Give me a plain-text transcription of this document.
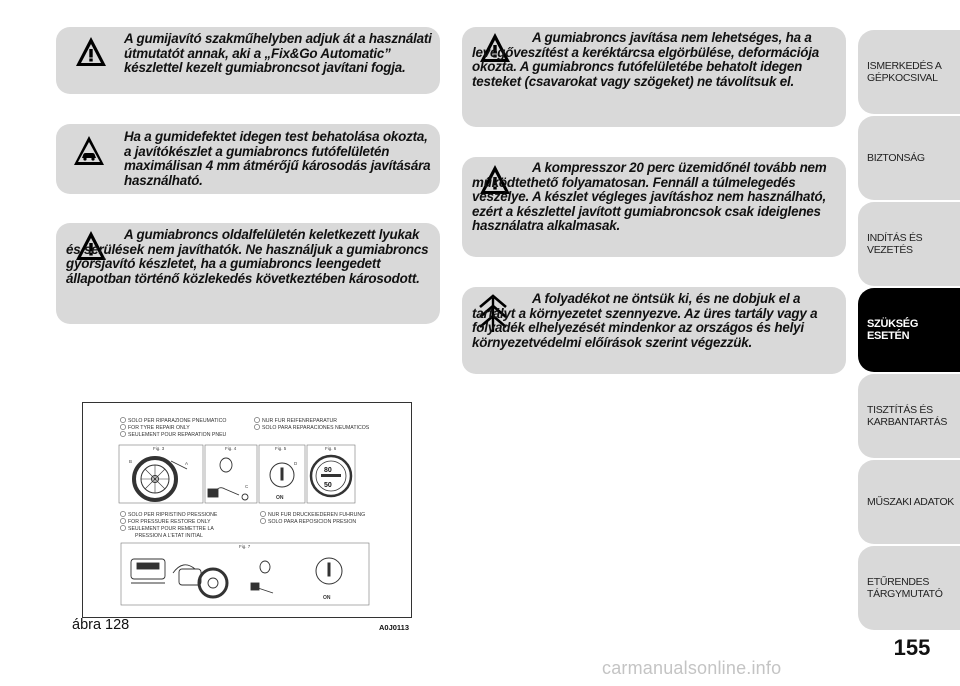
A gumijavító szakműhelyben adjuk át a használati útmutatót annak, aki a „Fix&Go Automatic” készlettel kezelt gumiabroncsot javítani fogja.
Ha a gumidefektet idegen test behatolása okozta, a javítókészlet a gumiabroncs futófelületén maximálisan 4 mm átmérőjű károsodás javítására használható.
A gumiabroncs oldalfelületén keletkezett lyukak és sérülések nem javíthatók. Ne használjuk a gumiabroncs gyorsjavító készletet, ha a gumiabroncs leengedett állapotban történő közlekedés következtében károsodott.
A gumiabroncs javítása nem lehetséges, ha a levegőveszítést a keréktárcsa elgörbülése, deformációja okozta. A gumiabroncs futófelületébe behatolt idegen testeket (csavarokat vagy szögeket) ne távolítsuk el.
A kompresszor 20 perc üzemidőnél tovább nem működtethető folyamatosan. Fennáll a túlmelegedés veszélye. A készlet végleges javításhoz nem használható, ezért a készlettel javított gumiabroncsok csak ideiglenes használatra alkalmasak.
A folyadékot ne öntsük ki, és ne dobjuk el a tartályt a környezetet szennyezve. Az üres tartály vagy a folyadék elhelyezését mindenkor az országos és helyi környezetvédelmi előírások szerint végezzük.
ISMERKEDÉS A
GÉPKOCSIVAL
BIZTONSÁG
INDÍTÁS ÉS VEZETÉS
SZÜKSÉG ESETÉN
TISZTÍTÁS ÉS
KARBANTARTÁS
MŰSZAKI ADATOK
ETŰRENDES
TÁRGYMUTATÓ
SOLO PER RIPARAZIONE PNEUMATICO
FOR TYRE REPAIR ONLY
SEULEMENT POUR REPARATION PNEU
NUR FUR REIFENREPARATUR
SOLO PARA REPARACIONES NEUMATICOS
Fig. 3	Fig. 4	Fig. 5	Fig. 6
B	A
C
D
ON
80
50
SOLO PER RIPRISTINO PRESSIONE
FOR PRESSURE RESTORE ONLY
SEULEMENT POUR REMETTRE LA
PRESSION A L'ETAT INITIAL
NUR FUR DRUCKEIEDEREN FUHRUNG
SOLO PARA REPOSICION PRESION
Fig. 7
ON
ábra 128	A0J0113
155
carmanualsonline.info
